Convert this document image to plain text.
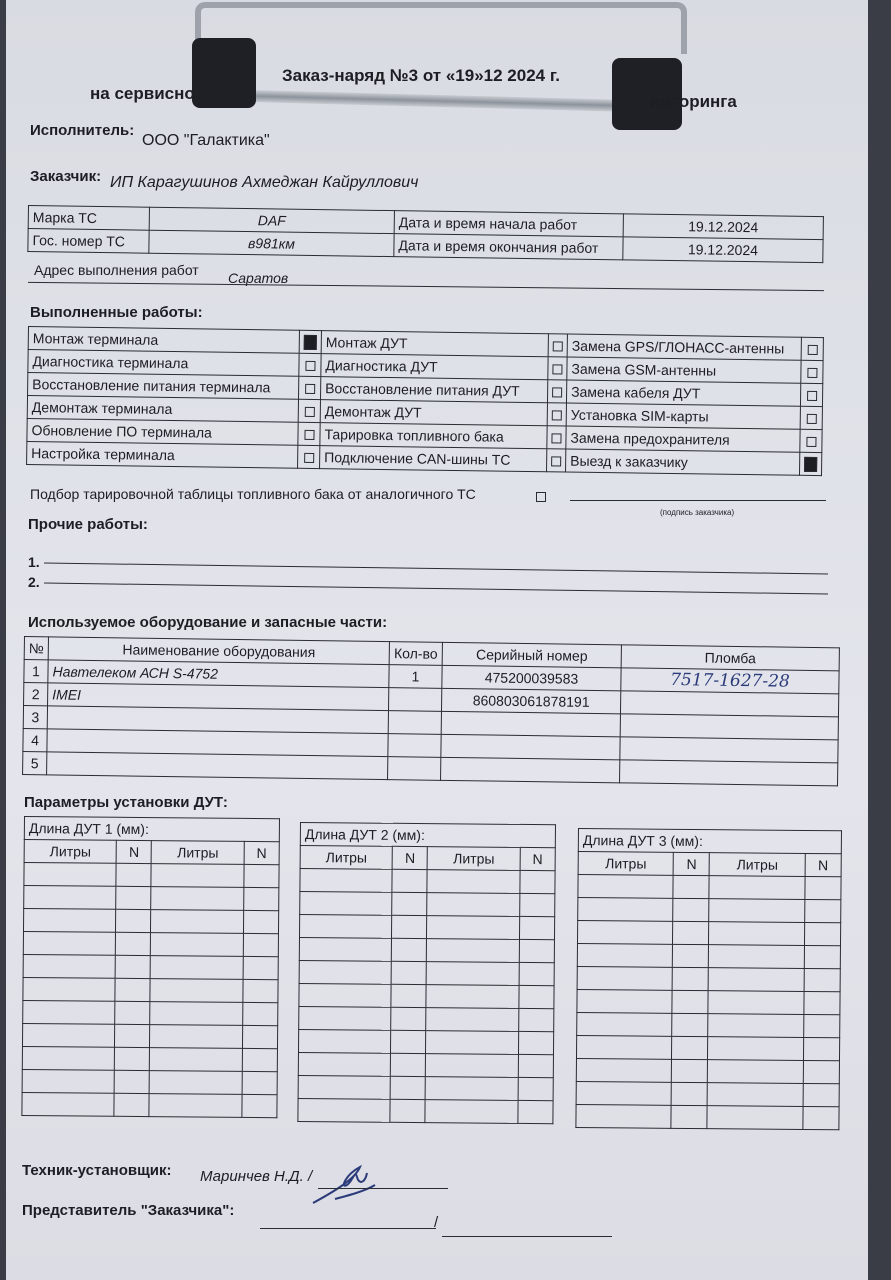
Заказ-наряд №3 от «19»12 2024 г.
на сервисно	ниторинга
Исполнитель:
ООО "Галактика"
Заказчик: ИП Карагушинов Ахмеджан Кайруллович
Марка ТС	DAF	Дата и время начала работ	19.12.2024
Гос. номер ТС	в981км	Дата и время окончания работ	19.12.2024
Адрес выполнения работ Саратов
Выполненные работы:
Монтаж терминала		Монтаж ДУТ		Замена GPS/ГЛОНАСС-антенны	
Диагностика терминала		Диагностика ДУТ		Замена GSM-антенны	
Восстановление питания терминала		Восстановление питания ДУТ		Замена кабеля ДУТ	
Демонтаж терминала		Демонтаж ДУТ		Установка SIM-карты	
Обновление ПО терминала		Тарировка топливного бака		Замена предохранителя	
Настройка терминала		Подключение CAN-шины ТС		Выезд к заказчику	
Подбор тарировочной таблицы топливного бака от аналогичного ТС
(подпись заказчика)
Прочие работы:
1.
2.
Используемое оборудование и запасные части:
№	Наименование оборудования	Кол-во	Серийный номер	Пломба
1	Навтелеком АСН S-4752	1	475200039583	7517-1627-28
2	IMEI		860803061878191	
3				
4				
5				
Параметры установки ДУТ:
Длина ДУТ 1 (мм):			
Литры	N	Литры	N

Длина ДУТ 2 (мм):			
Литры	N	Литры	N

Длина ДУТ 3 (мм):			
Литры	N	Литры	N

Техник-установщик: Маринчев Н.Д. /
Представитель "Заказчика":
/
